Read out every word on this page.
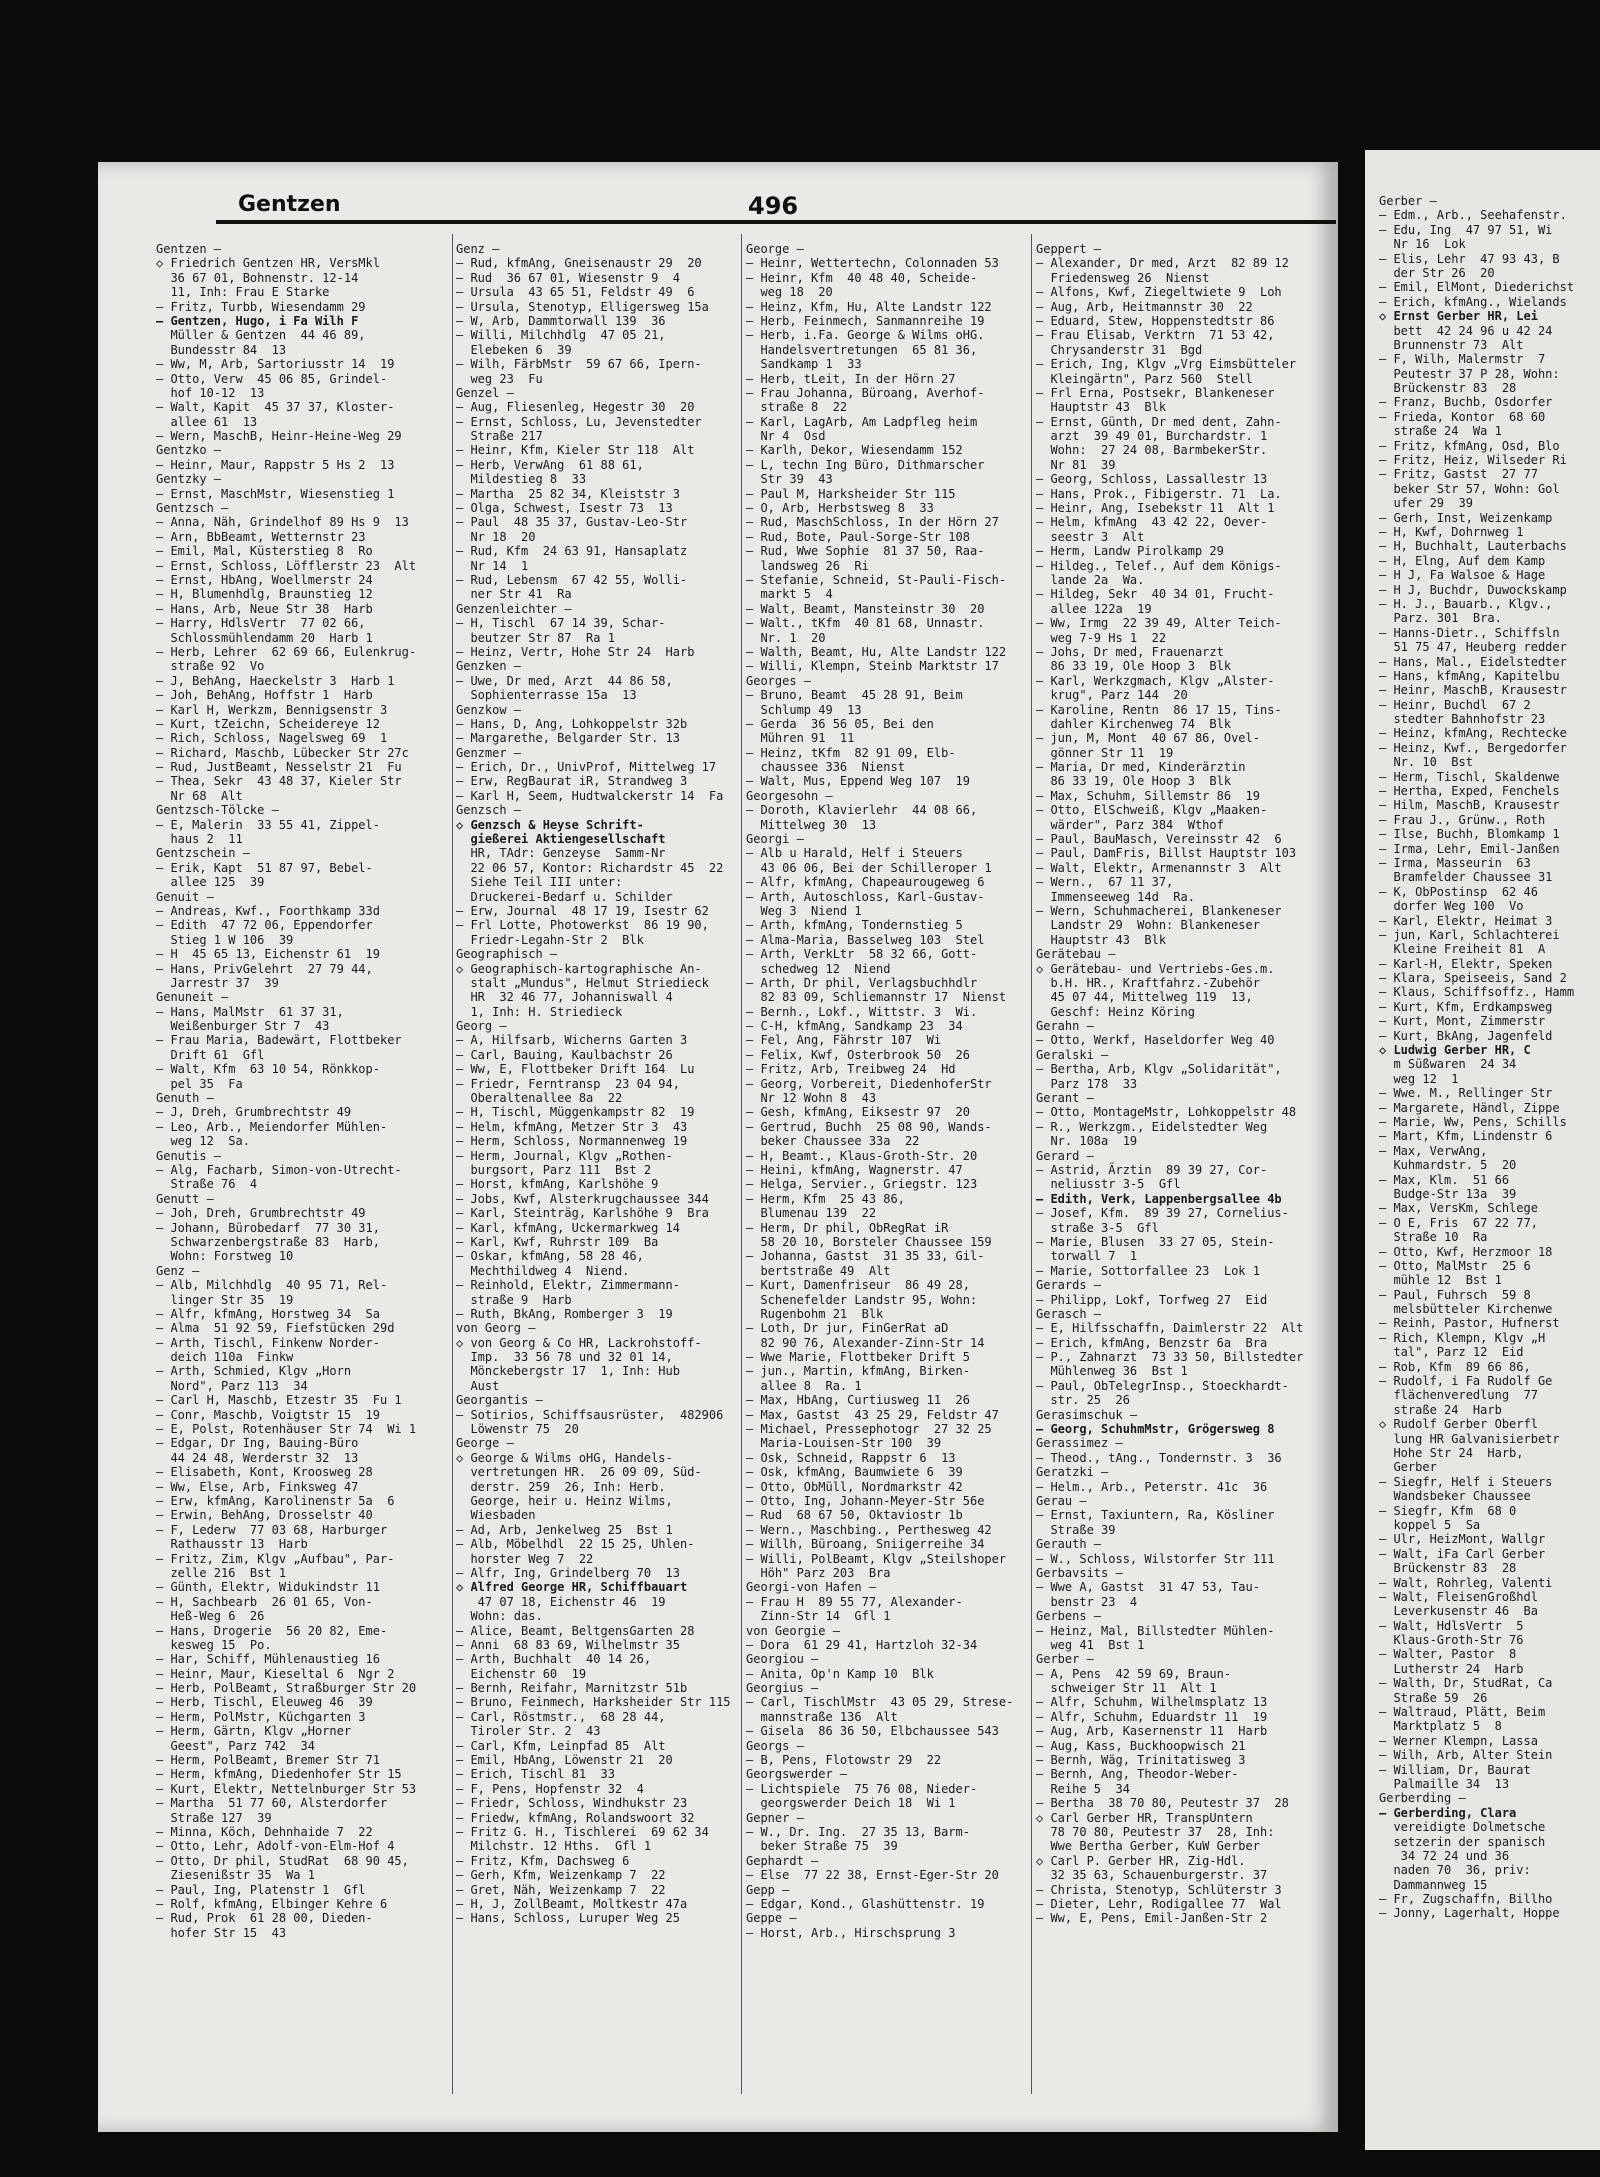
Gentzen	496
Gentzen —
◇ Friedrich Gentzen HR, VersMkl
36 67 01, Bohnenstr. 12-14
11, Inh: Frau E Starke
— Fritz, Turbb, Wiesendamm 29
— Gentzen, Hugo, i Fa Wilh F
Müller & Gentzen  44 46 89,
Bundesstr 84  13
— Ww, M, Arb, Sartoriusstr 14  19
— Otto, Verw  45 06 85, Grindel-
hof 10-12  13
— Walt, Kapit  45 37 37, Kloster-
allee 61  13
— Wern, MaschB, Heinr-Heine-Weg 29
Gentzko —
— Heinr, Maur, Rappstr 5 Hs 2  13
Gentzky —
— Ernst, MaschMstr, Wiesenstieg 1
Gentzsch —
— Anna, Näh, Grindelhof 89 Hs 9  13
— Arn, BbBeamt, Wetternstr 23
— Emil, Mal, Küsterstieg 8  Ro
— Ernst, Schloss, Löfflerstr 23  Alt
— Ernst, HbAng, Woellmerstr 24
— H, Blumenhdlg, Braunstieg 12
— Hans, Arb, Neue Str 38  Harb
— Harry, HdlsVertr  77 02 66,
Schlossmühlendamm 20  Harb 1
— Herb, Lehrer  62 69 66, Eulenkrug-
straße 92  Vo
— J, BehAng, Haeckelstr 3  Harb 1
— Joh, BehAng, Hoffstr 1  Harb
— Karl H, Werkzm, Bennigsenstr 3
— Kurt, tZeichn, Scheidereye 12
— Rich, Schloss, Nagelsweg 69  1
— Richard, Maschb, Lübecker Str 27c
— Rud, JustBeamt, Nesselstr 21  Fu
— Thea, Sekr  43 48 37, Kieler Str
Nr 68  Alt
Gentzsch-Tölcke —
— E, Malerin  33 55 41, Zippel-
haus 2  11
Gentzschein —
— Erik, Kapt  51 87 97, Bebel-
allee 125  39
Genuit —
— Andreas, Kwf., Foorthkamp 33d
— Edith  47 72 06, Eppendorfer
Stieg 1 W 106  39
— H  45 65 13, Eichenstr 61  19
— Hans, PrivGelehrt  27 79 44,
Jarrestr 37  39
Genuneit —
— Hans, MalMstr  61 37 31,
Weißenburger Str 7  43
— Frau Maria, Badewärt, Flottbeker
Drift 61  Gfl
— Walt, Kfm  63 10 54, Rönkkop-
pel 35  Fa
Genuth —
— J, Dreh, Grumbrechtstr 49
— Leo, Arb., Meiendorfer Mühlen-
weg 12  Sa.
Genutis —
— Alg, Facharb, Simon-von-Utrecht-
Straße 76  4
Genutt —
— Joh, Dreh, Grumbrechtstr 49
— Johann, Bürobedarf  77 30 31,
Schwarzenbergstraße 83  Harb,
Wohn: Forstweg 10
Genz —
— Alb, Milchhdlg  40 95 71, Rel-
linger Str 35  19
— Alfr, kfmAng, Horstweg 34  Sa
— Alma  51 92 59, Fiefstücken 29d
— Arth, Tischl, Finkenw Norder-
deich 110a  Finkw
— Arth, Schmied, Klgv „Horn
Nord", Parz 113  34
— Carl H, Maschb, Etzestr 35  Fu 1
— Conr, Maschb, Voigtstr 15  19
— E, Polst, Rotenhäuser Str 74  Wi 1
— Edgar, Dr Ing, Bauing-Büro
44 24 48, Werderstr 32  13
— Elisabeth, Kont, Kroosweg 28
— Ww, Else, Arb, Finksweg 47
— Erw, kfmAng, Karolinenstr 5a  6
— Erwin, BehAng, Drosselstr 40
— F, Lederw  77 03 68, Harburger
Rathausstr 13  Harb
— Fritz, Zim, Klgv „Aufbau", Par-
zelle 216  Bst 1
— Günth, Elektr, Widukindstr 11
— H, Sachbearb  26 01 65, Von-
Heß-Weg 6  26
— Hans, Drogerie  56 20 82, Eme-
kesweg 15  Po.
— Har, Schiff, Mühlenaustieg 16
— Heinr, Maur, Kieseltal 6  Ngr 2
— Herb, PolBeamt, Straßburger Str 20
— Herb, Tischl, Eleuweg 46  39
— Herm, PolMstr, Küchgarten 3
— Herm, Gärtn, Klgv „Horner
Geest", Parz 742  34
— Herm, PolBeamt, Bremer Str 71
— Herm, kfmAng, Diedenhofer Str 15
— Kurt, Elektr, Nettelnburger Str 53
— Martha  51 77 60, Alsterdorfer
Straße 127  39
— Minna, Köch, Dehnhaide 7  22
— Otto, Lehr, Adolf-von-Elm-Hof 4
— Otto, Dr phil, StudRat  68 90 45,
Ziesenißstr 35  Wa 1
— Paul, Ing, Platenstr 1  Gfl
— Rolf, kfmAng, Elbinger Kehre 6
— Rud, Prok  61 28 00, Dieden-
hofer Str 15  43
Genz —
— Rud, kfmAng, Gneisenaustr 29  20
— Rud  36 67 01, Wiesenstr 9  4
— Ursula  43 65 51, Feldstr 49  6
— Ursula, Stenotyp, Elligersweg 15a
— W, Arb, Dammtorwall 139  36
— Willi, Milchhdlg  47 05 21,
Elebeken 6  39
— Wilh, FärbMstr  59 67 66, Ipern-
weg 23  Fu
Genzel —
— Aug, Fliesenleg, Hegestr 30  20
— Ernst, Schloss, Lu, Jevenstedter
Straße 217
— Heinr, Kfm, Kieler Str 118  Alt
— Herb, VerwAng  61 88 61,
Mildestieg 8  33
— Martha  25 82 34, Kleiststr 3
— Olga, Schwest, Isestr 73  13
— Paul  48 35 37, Gustav-Leo-Str
Nr 18  20
— Rud, Kfm  24 63 91, Hansaplatz
Nr 14  1
— Rud, Lebensm  67 42 55, Wolli-
ner Str 41  Ra
Genzenleichter —
— H, Tischl  67 14 39, Schar-
beutzer Str 87  Ra 1
— Heinz, Vertr, Hohe Str 24  Harb
Genzken —
— Uwe, Dr med, Arzt  44 86 58,
Sophienterrasse 15a  13
Genzkow —
— Hans, D, Ang, Lohkoppelstr 32b
— Margarethe, Belgarder Str. 13
Genzmer —
— Erich, Dr., UnivProf, Mittelweg 17
— Erw, RegBaurat iR, Strandweg 3
— Karl H, Seem, Hudtwalckerstr 14  Fa
Genzsch —
◇ Genzsch & Heyse Schrift-
gießerei Aktiengesellschaft
HR, TAdr: Genzeyse  Samm-Nr
22 06 57, Kontor: Richardstr 45  22
Siehe Teil III unter:
Druckerei-Bedarf u. Schilder
— Erw, Journal  48 17 19, Isestr 62
— Frl Lotte, Photowerkst  86 19 90,
Friedr-Legahn-Str 2  Blk
Geographisch —
◇ Geographisch-kartographische An-
stalt „Mundus", Helmut Striedieck
HR  32 46 77, Johanniswall 4
1, Inh: H. Striedieck
Georg —
— A, Hilfsarb, Wicherns Garten 3
— Carl, Bauing, Kaulbachstr 26
— Ww, E, Flottbeker Drift 164  Lu
— Friedr, Ferntransp  23 04 94,
Oberaltenallee 8a  22
— H, Tischl, Müggenkampstr 82  19
— Helm, kfmAng, Metzer Str 3  43
— Herm, Schloss, Normannenweg 19
— Herm, Journal, Klgv „Rothen-
burgsort, Parz 111  Bst 2
— Horst, kfmAng, Karlshöhe 9
— Jobs, Kwf, Alsterkrugchaussee 344
— Karl, Steinträg, Karlshöhe 9  Bra
— Karl, kfmAng, Uckermarkweg 14
— Karl, Kwf, Ruhrstr 109  Ba
— Oskar, kfmAng, 58 28 46,
Mechthildweg 4  Niend.
— Reinhold, Elektr, Zimmermann-
straße 9  Harb
— Ruth, BkAng, Romberger 3  19
von Georg —
◇ von Georg & Co HR, Lackrohstoff-
Imp.  33 56 78 und 32 01 14,
Mönckebergstr 17  1, Inh: Hub
Aust
Georgantis —
— Sotirios, Schiffsausrüster,  482906
Löwenstr 75  20
George —
◇ George & Wilms oHG, Handels-
vertretungen HR.  26 09 09, Süd-
derstr. 259  26, Inh: Herb.
George, heir u. Heinz Wilms,
Wiesbaden
— Ad, Arb, Jenkelweg 25  Bst 1
— Alb, Möbelhdl  22 15 25, Uhlen-
horster Weg 7  22
— Alfr, Ing, Grindelberg 70  13
◇ Alfred George HR, Schiffbauart
47 07 18, Eichenstr 46  19
Wohn: das.
— Alice, Beamt, BeltgensGarten 28
— Anni  68 83 69, Wilhelmstr 35
— Arth, Buchhalt  40 14 26,
Eichenstr 60  19
— Bernh, Reifahr, Marnitzstr 51b
— Bruno, Feinmech, Harksheider Str 115
— Carl, Röstmstr.,  68 28 44,
Tiroler Str. 2  43
— Carl, Kfm, Leinpfad 85  Alt
— Emil, HbAng, Löwenstr 21  20
— Erich, Tischl 81  33
— F, Pens, Hopfenstr 32  4
— Friedr, Schloss, Windhukstr 23
— Friedw, kfmAng, Rolandswoort 32
— Fritz G. H., Tischlerei  69 62 34
Milchstr. 12 Hths.  Gfl 1
— Fritz, Kfm, Dachsweg 6
— Gerh, Kfm, Weizenkamp 7  22
— Gret, Näh, Weizenkamp 7  22
— H, J, ZollBeamt, Moltkestr 47a
— Hans, Schloss, Luruper Weg 25
George —
— Heinr, Wettertechn, Colonnaden 53
— Heinr, Kfm  40 48 40, Scheide-
weg 18  20
— Heinz, Kfm, Hu, Alte Landstr 122
— Herb, Feinmech, Sanmannreihe 19
— Herb, i.Fa. George & Wilms oHG.
Handelsvertretungen  65 81 36,
Sandkamp 1  33
— Herb, tLeit, In der Hörn 27
— Frau Johanna, Büroang, Averhof-
straße 8  22
— Karl, LagArb, Am Ladpfleg heim
Nr 4  Osd
— Karlh, Dekor, Wiesendamm 152
— L, techn Ing Büro, Dithmarscher
Str 39  43
— Paul M, Harksheider Str 115
— O, Arb, Herbstsweg 8  33
— Rud, MaschSchloss, In der Hörn 27
— Rud, Bote, Paul-Sorge-Str 108
— Rud, Wwe Sophie  81 37 50, Raa-
landsweg 26  Ri
— Stefanie, Schneid, St-Pauli-Fisch-
markt 5  4
— Walt, Beamt, Mansteinstr 30  20
— Walt., tKfm  40 81 68, Unnastr.
Nr. 1  20
— Walth, Beamt, Hu, Alte Landstr 122
— Willi, Klempn, Steinb Marktstr 17
Georges —
— Bruno, Beamt  45 28 91, Beim
Schlump 49  13
— Gerda  36 56 05, Bei den
Mühren 91  11
— Heinz, tKfm  82 91 09, Elb-
chaussee 336  Nienst
— Walt, Mus, Eppend Weg 107  19
Georgesohn —
— Doroth, Klavierlehr  44 08 66,
Mittelweg 30  13
Georgi —
— Alb u Harald, Helf i Steuers
43 06 06, Bei der Schilleroper 1
— Alfr, kfmAng, Chapeaurougeweg 6
— Arth, Autoschloss, Karl-Gustav-
Weg 3  Niend 1
— Arth, kfmAng, Tondernstieg 5
— Alma-Maria, Basselweg 103  Stel
— Arth, VerkLtr  58 32 66, Gott-
schedweg 12  Niend
— Arth, Dr phil, Verlagsbuchhdlr
82 83 09, Schliemannstr 17  Nienst
— Bernh., Lokf., Wittstr. 3  Wi.
— C-H, kfmAng, Sandkamp 23  34
— Fel, Ang, Fährstr 107  Wi
— Felix, Kwf, Osterbrook 50  26
— Fritz, Arb, Treibweg 24  Hd
— Georg, Vorbereit, DiedenhoferStr
Nr 12 Wohn 8  43
— Gesh, kfmAng, Eiksestr 97  20
— Gertrud, Buchh  25 08 90, Wands-
beker Chaussee 33a  22
— H, Beamt., Klaus-Groth-Str. 20
— Heini, kfmAng, Wagnerstr. 47
— Helga, Servier., Griegstr. 123
— Herm, Kfm  25 43 86,
Blumenau 139  22
— Herm, Dr phil, ObRegRat iR
58 20 10, Borsteler Chaussee 159
— Johanna, Gastst  31 35 33, Gil-
bertstraße 49  Alt
— Kurt, Damenfriseur  86 49 28,
Schenefelder Landstr 95, Wohn:
Rugenbohm 21  Blk
— Loth, Dr jur, FinGerRat aD
82 90 76, Alexander-Zinn-Str 14
— Wwe Marie, Flottbeker Drift 5
— jun., Martin, kfmAng, Birken-
allee 8  Ra. 1
— Max, HbAng, Curtiusweg 11  26
— Max, Gastst  43 25 29, Feldstr 47
— Michael, Pressephotogr  27 32 25
Maria-Louisen-Str 100  39
— Osk, Schneid, Rappstr 6  13
— Osk, kfmAng, Baumwiete 6  39
— Otto, ObMüll, Nordmarkstr 42
— Otto, Ing, Johann-Meyer-Str 56e
— Rud  68 67 50, Oktaviostr 1b
— Wern., Maschbing., Perthesweg 42
— Willh, Büroang, Sniigerreihe 34
— Willi, PolBeamt, Klgv „Steilshoper
Höh" Parz 203  Bra
Georgi-von Hafen —
— Frau H  89 55 77, Alexander-
Zinn-Str 14  Gfl 1
von Georgie —
— Dora  61 29 41, Hartzloh 32-34
Georgiou —
— Anita, Op'n Kamp 10  Blk
Georgius —
— Carl, TischlMstr  43 05 29, Strese-
mannstraße 136  Alt
— Gisela  86 36 50, Elbchaussee 543
Georgs —
— B, Pens, Flotowstr 29  22
Georgswerder —
— Lichtspiele  75 76 08, Nieder-
georgswerder Deich 18  Wi 1
Gepner —
— W., Dr. Ing.  27 35 13, Barm-
beker Straße 75  39
Gephardt —
— Else  77 22 38, Ernst-Eger-Str 20
Gepp —
— Edgar, Kond., Glashüttenstr. 19
Geppe —
— Horst, Arb., Hirschsprung 3
Geppert —
— Alexander, Dr med, Arzt  82 89 12
Friedensweg 26  Nienst
— Alfons, Kwf, Ziegeltwiete 9  Loh
— Aug, Arb, Heitmannstr 30  22
— Eduard, Stew, Hoppenstedtstr 86
— Frau Elisab, Verktrn  71 53 42,
Chrysanderstr 31  Bgd
— Erich, Ing, Klgv „Vrg Eimsbütteler
Kleingärtn", Parz 560  Stell
— Frl Erna, Postsekr, Blankeneser
Hauptstr 43  Blk
— Ernst, Günth, Dr med dent, Zahn-
arzt  39 49 01, Burchardstr. 1
Wohn:  27 24 08, BarmbekerStr.
Nr 81  39
— Georg, Schloss, Lassallestr 13
— Hans, Prok., Fibigerstr. 71  La.
— Heinr, Ang, Isebekstr 11  Alt 1
— Helm, kfmAng  43 42 22, Oever-
seestr 3  Alt
— Herm, Landw Pirolkamp 29
— Hildeg., Telef., Auf dem Königs-
lande 2a  Wa.
— Hildeg, Sekr  40 34 01, Frucht-
allee 122a  19
— Ww, Irmg  22 39 49, Alter Teich-
weg 7-9 Hs 1  22
— Johs, Dr med, Frauenarzt
86 33 19, Ole Hoop 3  Blk
— Karl, Werkzgmach, Klgv „Alster-
krug", Parz 144  20
— Karoline, Rentn  86 17 15, Tins-
dahler Kirchenweg 74  Blk
— jun, M, Mont  40 67 86, Ovel-
gönner Str 11  19
— Maria, Dr med, Kinderärztin
86 33 19, Ole Hoop 3  Blk
— Max, Schuhm, Sillemstr 86  19
— Otto, ElSchweiß, Klgv „Maaken-
wärder", Parz 384  Wthof
— Paul, BauMasch, Vereinsstr 42  6
— Paul, DamFris, Billst Hauptstr 103
— Walt, Elektr, Armenannstr 3  Alt
— Wern.,  67 11 37,
Immenseeweg 14d  Ra.
— Wern, Schuhmacherei, Blankeneser
Landstr 29  Wohn: Blankeneser
Hauptstr 43  Blk
Gerätebau —
◇ Gerätebau- und Vertriebs-Ges.m.
b.H. HR., Kraftfahrz.-Zubehör
45 07 44, Mittelweg 119  13,
Geschf: Heinz Köring
Gerahn —
— Otto, Werkf, Haseldorfer Weg 40
Geralski —
— Bertha, Arb, Klgv „Solidarität",
Parz 178  33
Gerant —
— Otto, MontageMstr, Lohkoppelstr 48
— R., Werkzgm., Eidelstedter Weg
Nr. 108a  19
Gerard —
— Astrid, Ärztin  89 39 27, Cor-
neliusstr 3-5  Gfl
— Edith, Verk, Lappenbergsallee 4b
— Josef, Kfm.  89 39 27, Cornelius-
straße 3-5  Gfl
— Marie, Blusen  33 27 05, Stein-
torwall 7  1
— Marie, Sottorfallee 23  Lok 1
Gerards —
— Philipp, Lokf, Torfweg 27  Eid
Gerasch —
— E, Hilfsschaffn, Daimlerstr 22  Alt
— Erich, kfmAng, Benzstr 6a  Bra
— P., Zahnarzt  73 33 50, Billstedter
Mühlenweg 36  Bst 1
— Paul, ObTelegrInsp., Stoeckhardt-
str. 25  26
Gerasimschuk —
— Georg, SchuhmMstr, Grögersweg 8
Gerassimez —
— Theod., tAng., Tondernstr. 3  36
Geratzki —
— Helm., Arb., Peterstr. 41c  36
Gerau —
— Ernst, Taxiuntern, Ra, Kösliner
Straße 39
Gerauth —
— W., Schloss, Wilstorfer Str 111
Gerbavsits —
— Wwe A, Gastst  31 47 53, Tau-
benstr 23  4
Gerbens —
— Heinz, Mal, Billstedter Mühlen-
weg 41  Bst 1
Gerber —
— A, Pens  42 59 69, Braun-
schweiger Str 11  Alt 1
— Alfr, Schuhm, Wilhelmsplatz 13
— Alfr, Schuhm, Eduardstr 11  19
— Aug, Arb, Kasernenstr 11  Harb
— Aug, Kass, Buckhoopwisch 21
— Bernh, Wäg, Trinitatisweg 3
— Bernh, Ang, Theodor-Weber-
Reihe 5  34
— Bertha  38 70 80, Peutestr 37  28
◇ Carl Gerber HR, TranspUntern
78 70 80, Peutestr 37  28, Inh:
Wwe Bertha Gerber, KuW Gerber
◇ Carl P. Gerber HR, Zig-Hdl.
32 35 63, Schauenburgerstr. 37
— Christa, Stenotyp, Schlüterstr 3
— Dieter, Lehr, Rodigallee 77  Wal
— Ww, E, Pens, Emil-Janßen-Str 2
Gerber —
— Edm., Arb., Seehafenstr.
— Edu, Ing  47 97 51, Wi
Nr 16  Lok
— Elis, Lehr  47 93 43, B
der Str 26  20
— Emil, ElMont, Diederichst
— Erich, kfmAng., Wielands
◇ Ernst Gerber HR, Lei
bett  42 24 96 u 42 24
Brunnenstr 73  Alt
— F, Wilh, Malermstr  7
Peutestr 37 P 28, Wohn:
Brückenstr 83  28
— Franz, Buchb, Osdorfer
— Frieda, Kontor  68 60
straße 24  Wa 1
— Fritz, kfmAng, Osd, Blo
— Fritz, Heiz, Wilseder Ri
— Fritz, Gastst  27 77
beker Str 57, Wohn: Gol
ufer 29  39
— Gerh, Inst, Weizenkamp
— H, Kwf, Dohrnweg 1
— H, Buchhalt, Lauterbachs
— H, Elng, Auf dem Kamp
— H J, Fa Walsoe & Hage
— H J, Buchdr, Duwockskamp
— H. J., Bauarb., Klgv.,
Parz. 301  Bra.
— Hanns-Dietr., Schiffsln
51 75 47, Heuberg redder
— Hans, Mal., Eidelstedter
— Hans, kfmAng, Kapitelbu
— Heinr, MaschB, Krausestr
— Heinr, Buchdl  67 2
stedter Bahnhofstr 23
— Heinz, kfmAng, Rechtecke
— Heinz, Kwf., Bergedorfer
Nr. 10  Bst
— Herm, Tischl, Skaldenwe
— Hertha, Exped, Fenchels
— Hilm, MaschB, Krausestr
— Frau J., Grünw., Roth
— Ilse, Buchh, Blomkamp 1
— Irma, Lehr, Emil-Janßen
— Irma, Masseurin  63
Bramfelder Chaussee 31
— K, ObPostinsp  62 46
dorfer Weg 100  Vo
— Karl, Elektr, Heimat 3
— jun, Karl, Schlachterei
Kleine Freiheit 81  A
— Karl-H, Elektr, Speken
— Klara, Speiseeis, Sand 2
— Klaus, Schiffsoffz., Hamm
— Kurt, Kfm, Erdkampsweg
— Kurt, Mont, Zimmerstr
— Kurt, BkAng, Jagenfeld
◇ Ludwig Gerber HR, C
m Süßwaren  24 34
weg 12  1
— Wwe. M., Rellinger Str
— Margarete, Händl, Zippe
— Marie, Ww, Pens, Schills
— Mart, Kfm, Lindenstr 6
— Max, VerwAng,
Kuhmardstr. 5  20
— Max, Klm.  51 66
Budge-Str 13a  39
— Max, VersKm, Schlege
— O E, Fris  67 22 77,
Straße 10  Ra
— Otto, Kwf, Herzmoor 18
— Otto, MalMstr  25 6
mühle 12  Bst 1
— Paul, Fuhrsch  59 8
melsbütteler Kirchenwe
— Reinh, Pastor, Hufnerst
— Rich, Klempn, Klgv „H
tal", Parz 12  Eid
— Rob, Kfm  89 66 86,
— Rudolf, i Fa Rudolf Ge
flächenveredlung  77
straße 24  Harb
◇ Rudolf Gerber Oberfl
lung HR Galvanisierbetr
Hohe Str 24  Harb,
Gerber
— Siegfr, Helf i Steuers
Wandsbeker Chaussee
— Siegfr, Kfm  68 0
koppel 5  Sa
— Ulr, HeizMont, Wallgr
— Walt, iFa Carl Gerber
Brückenstr 83  28
— Walt, Rohrleg, Valenti
— Walt, FleisenGroßhdl
Leverkusenstr 46  Ba
— Walt, HdlsVertr  5
Klaus-Groth-Str 76
— Walter, Pastor  8
Lutherstr 24  Harb
— Walth, Dr, StudRat, Ca
Straße 59  26
— Waltraud, Plätt, Beim
Marktplatz 5  8
— Werner Klempn, Lassa
— Wilh, Arb, Alter Stein
— William, Dr, Baurat
Palmaille 34  13
Gerberding —
— Gerberding, Clara
vereidigte Dolmetsche
setzerin der spanisch
34 72 24 und 36
naden 70  36, priv:
Dammannweg 15
— Fr, Zugschaffn, Billho
— Jonny, Lagerhalt, Hoppe
